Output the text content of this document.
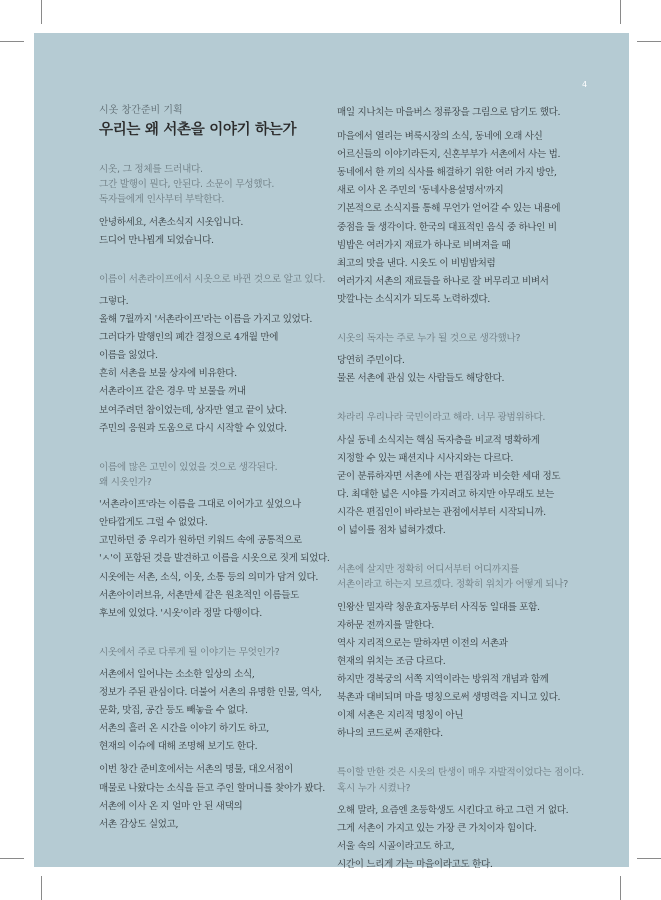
4
시옷 창간준비 기획
우리는 왜 서촌을 이야기 하는가
시옷, 그 정체를 드러내다.
그간 발행이 뭔다, 안된다. 소문이 무성했다.
독자들에게 인사부터 부탁한다.
안녕하세요, 서촌소식지 시옷입니다.
드디어 만나뵙게 되었습니다.
이름이 서촌라이프에서 시옷으로 바뀐 것으로 알고 있다.
그렇다.
올해 7월까지 '서촌라이프'라는 이름을 가지고 있었다.
그러다가 발행인의 폐간 결정으로 4개월 만에
이름을 잃었다.
흔히 서촌을 보물 상자에 비유한다.
서촌라이프 같은 경우 막 보물을 꺼내
보여주려던 참이었는데, 상자만 열고 끝이 났다.
주민의 응원과 도움으로 다시 시작할 수 있었다.
이름에 많은 고민이 있었을 것으로 생각된다.
왜 시옷인가?
'서촌라이프'라는 이름을 그대로 이어가고 싶었으나
안타깝게도 그럴 수 없었다.
고민하던 중 우리가 원하던 키워드 속에 공통적으로
'ㅅ'이 포함된 것을 발견하고 이름을 시옷으로 짓게 되었다.
시옷에는 서촌, 소식, 이웃, 소통 등의 의미가 담겨 있다.
서촌아이러브유, 서촌만세 같은 원초적인 이름들도
후보에 있었다. '시옷'이라 정말 다행이다.
시옷에서 주로 다루게 될 이야기는 무엇인가?
서촌에서 일어나는 소소한 일상의 소식,
정보가 주된 관심이다. 더불어 서촌의 유명한 인물, 역사,
문화, 맛집, 공간 등도 빼놓을 수 없다.
서촌의 흘러 온 시간을 이야기 하기도 하고,
현재의 이슈에 대해 조명해 보기도 한다.
이번 창간 준비호에서는 서촌의 명물, 대오서점이
매물로 나왔다는 소식을 듣고 주인 할머니를 찾아가 봤다.
서촌에 이사 온 지 얼마 안 된 새댁의
서촌 감상도 실었고,
매일 지나치는 마을버스 정류장을 그림으로 담기도 했다.
마을에서 열리는 벼룩시장의 소식, 동네에 오래 사신
어르신들의 이야기라든지, 신혼부부가 서촌에서 사는 법.
동네에서 한 끼의 식사를 해결하기 위한 여러 가지 방안,
새로 이사 온 주민의 '동네사용설명서'까지
기본적으로 소식지를 통해 무언가 얻어갈 수 있는 내용에
중점을 둘 생각이다. 한국의 대표적인 음식 중 하나인 비
빔밥은 여러가지 재료가 하나로 비벼져을 때
최고의 맛을 낸다. 시옷도 이 비빔밥처럼
여러가지 서촌의 재료들을 하나로 잘 버무리고 비벼서
맛깔나는 소식지가 되도록 노력하겠다.
시옷의 독자는 주로 누가 될 것으로 생각했나?
당연히 주민이다.
물론 서촌에 관심 있는 사람들도 해당한다.
차라리 우리나라 국민이라고 해라. 너무 광범위하다.
사실 동네 소식지는 핵심 독자층을 비교적 명확하게
지정할 수 있는 패션지나 시사지와는 다르다.
굳이 분류하자면 서촌에 사는 편집장과 비슷한 세대 정도
다. 최대한 넓은 시야를 가지려고 하지만 아무래도 보는
시각은 편집인이 바라보는 관점에서부터 시작되니까.
이 넓이를 점차 넓혀가겠다.
서촌에 살지만 정확히 어디서부터 어디까지를
서촌이라고 하는지 모르겠다. 정확히 위치가 어떻게 되나?
인왕산 밑자락 청운효자동부터 사직동 일대를 포함.
자하문 전까지를 말한다.
역사 지리적으로는 말하자면 이전의 서촌과
현재의 위치는 조금 다르다.
하지만 경복궁의 서쪽 지역이라는 방위적 개념과 함께
북촌과 대비되며 마을 명칭으로써 생명력을 지니고 있다.
이제 서촌은 지리적 명칭이 아닌
하나의 코드로써 존재한다.
특이할 만한 것은 시옷의 탄생이 매우 자발적이었다는 점이다.
혹시 누가 시켰나?
오해 말라, 요즘엔 초등학생도 시킨다고 하고 그런 거 없다.
그게 서촌이 가지고 있는 가장 큰 가치이자 힘이다.
서울 속의 시골이라고도 하고,
시간이 느리게 가는 마을이라고도 한다.
